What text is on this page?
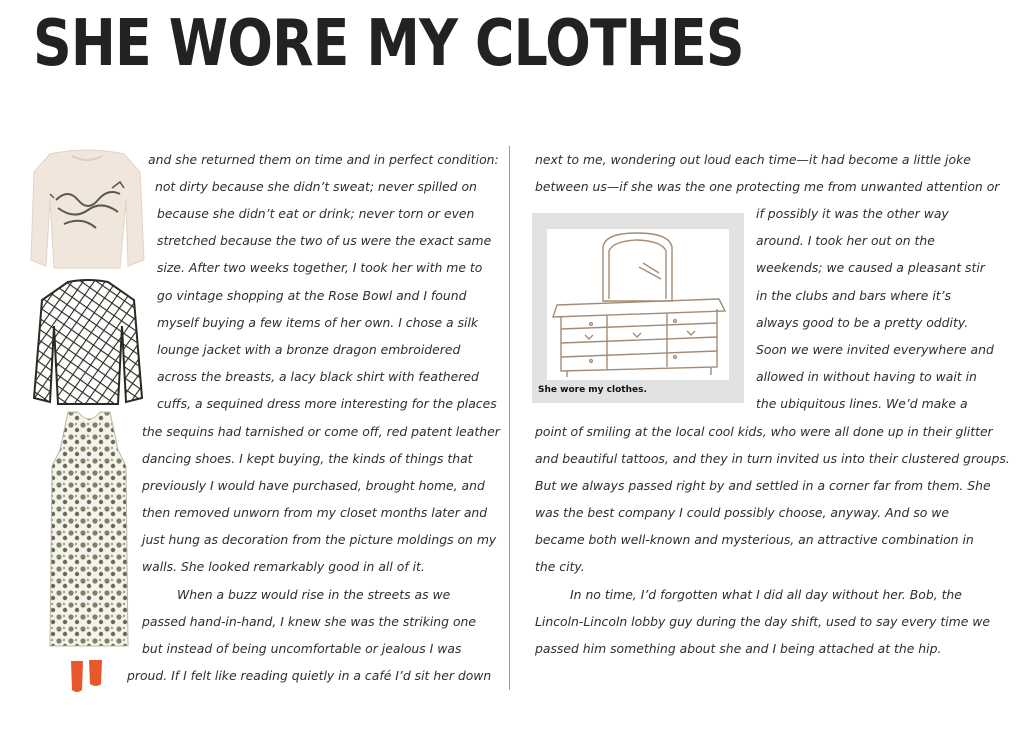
SHE WORE MY CLOTHES
and she returned them on time and in perfect condition:
not dirty because she didn’t sweat; never spilled on
because she didn’t eat or drink; never torn or even
stretched because the two of us were the exact same
size. After two weeks together, I took her with me to
go vintage shopping at the Rose Bowl and I found
myself buying a few items of her own. I chose a silk
lounge jacket with a bronze dragon embroidered
across the breasts, a lacy black shirt with feathered
cuffs, a sequined dress more interesting for the places
the sequins had tarnished or come off, red patent leather
dancing shoes. I kept buying, the kinds of things that
previously I would have purchased, brought home, and
then removed unworn from my closet months later and
just hung as decoration from the picture moldings on my
walls. She looked remarkably good in all of it.
When a buzz would rise in the streets as we
passed hand-in-hand, I knew she was the striking one
but instead of being uncomfortable or jealous I was
proud. If I felt like reading quietly in a café I’d sit her down
She wore my clothes.
next to me, wondering out loud each time—it had become a little joke
between us—if she was the one protecting me from unwanted attention or
if possibly it was the other way
around. I took her out on the
weekends; we caused a pleasant stir
in the clubs and bars where it’s
always good to be a pretty oddity.
Soon we were invited everywhere and
allowed in without having to wait in
the ubiquitous lines. We’d make a
point of smiling at the local cool kids, who were all done up in their glitter
and beautiful tattoos, and they in turn invited us into their clustered groups.
But we always passed right by and settled in a corner far from them. She
was the best company I could possibly choose, anyway. And so we
became both well-known and mysterious, an attractive combination in
the city.
In no time, I’d forgotten what I did all day without her. Bob, the
Lincoln-Lincoln lobby guy during the day shift, used to say every time we
passed him something about she and I being attached at the hip.
